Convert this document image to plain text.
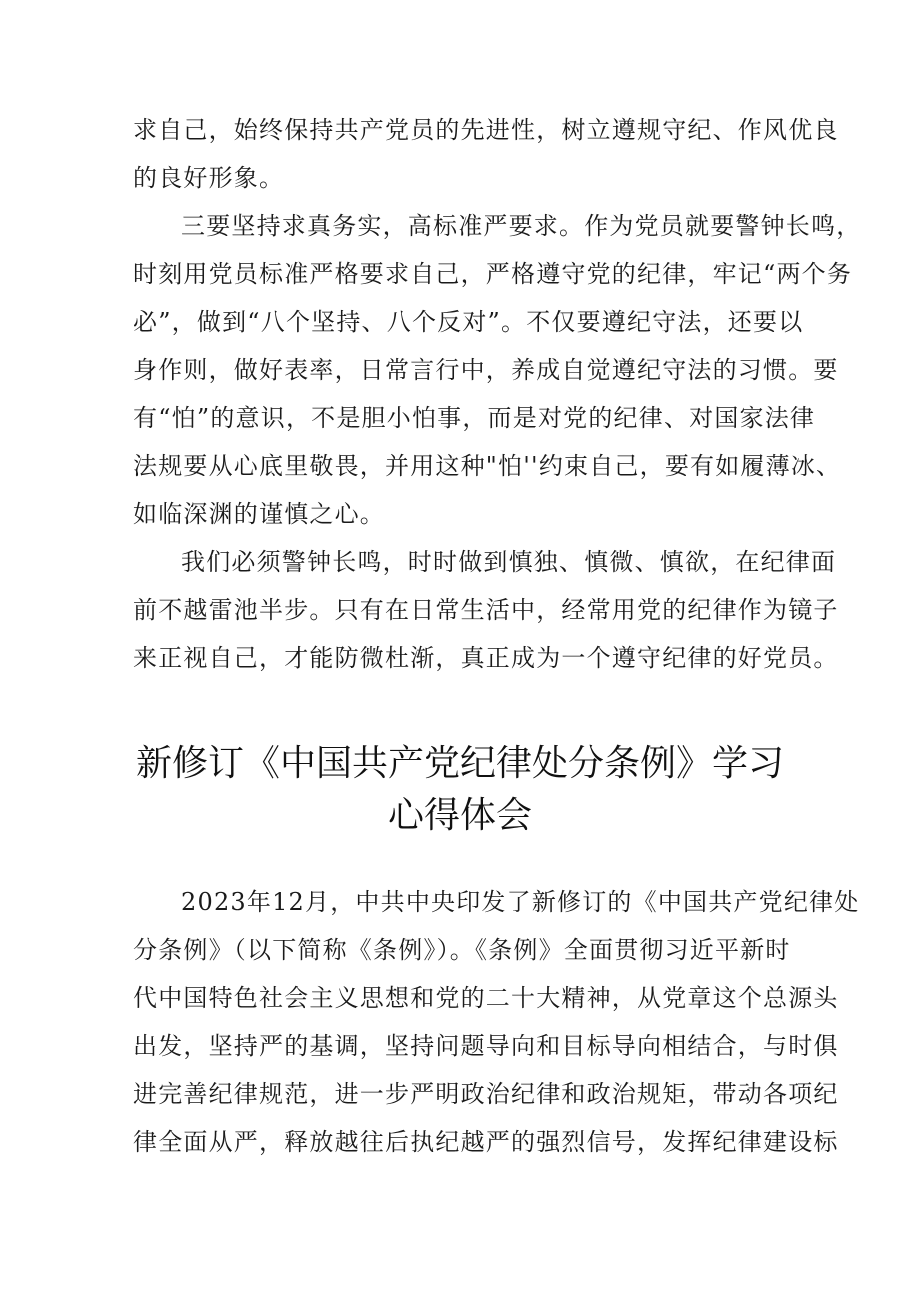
求自己，始终保持共产党员的先进性，树立遵规守纪、作风优良
的良好形象。
三要坚持求真务实，高标准严要求。作为党员就要警钟长鸣，
时刻用党员标准严格要求自己，严格遵守党的纪律，牢记“两个务
必”，做到“八个坚持、八个反对”。不仅要遵纪守法，还要以
身作则，做好表率，日常言行中，养成自觉遵纪守法的习惯。要
有“怕”的意识，不是胆小怕事，而是对党的纪律、对国家法律
法规要从心底里敬畏，并用这种"怕''约束自己，要有如履薄冰、
如临深渊的谨慎之心。
我们必须警钟长鸣，时时做到慎独、慎微、慎欲，在纪律面
前不越雷池半步。只有在日常生活中，经常用党的纪律作为镜子
来正视自己，才能防微杜渐，真正成为一个遵守纪律的好党员。
新修订《中国共产党纪律处分条例》学习
心得体会
2023年12月，中共中央印发了新修订的《中国共产党纪律处
分条例》（以下简称《条例》）。《条例》全面贯彻习近平新时
代中国特色社会主义思想和党的二十大精神，从党章这个总源头
出发，坚持严的基调，坚持问题导向和目标导向相结合，与时俱
进完善纪律规范，进一步严明政治纪律和政治规矩，带动各项纪
律全面从严，释放越往后执纪越严的强烈信号，发挥纪律建设标
